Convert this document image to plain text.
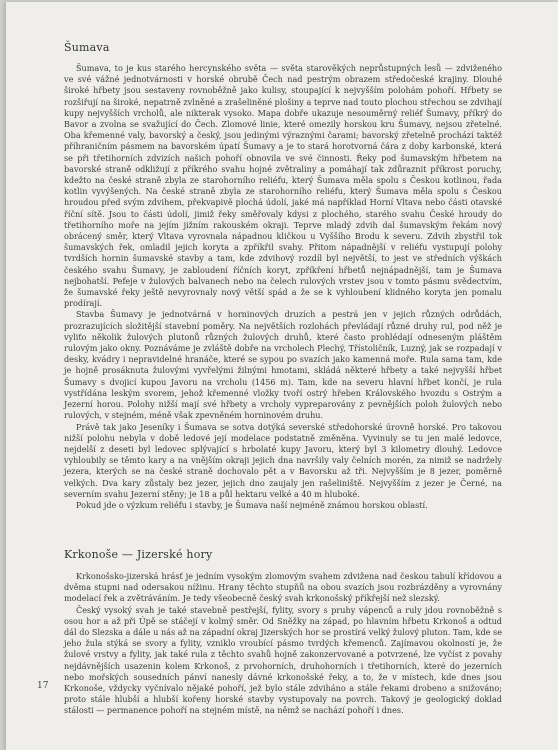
Šumava

Šumava, to je kus starého hercynského světa — světa starověkých neprůstupných lesů — zdviženého ve své vážné jednotvárnosti v horské obrubě Čech nad pestrým obrazem středočeské krajiny. Dlouhé široké hřbety jsou sestaveny rovnoběžně jako kulisy, stoupající k nejvyšším polohám pohoří. Hřbety se rozšiřují na široké, nepatrně zvlněné a zrašeliněné plošiny a teprve nad touto plochou střechou se zdvihají kupy nejvyšších vrcholů, ale nikterak vysoko. Mapa dobře ukazuje nesouměrný reliéf Šumavy, příkrý do Bavor a zvolna se svažující do Čech. Zlomové linie, které omezily horskou kru Šumavy, nejsou zřetelné. Oba křemenné valy, bavorský a český, jsou jedinými výraznými čarami; bavorský zřetelně prochází taktéž příhraničním pásmem na bavorském úpatí Šumavy a je to stará horotvorná čára z doby karbonské, která se při třetihorních zdvizích našich pohoří obnovila ve své činnosti. Řeky pod šumavským hřbetem na bavorské straně odkližují z příkrého svahu hojné zvětraliny a pomáhají tak zdůraznit příkrost poruchy, kdežto na české straně zbyla ze starohorního reliéfu, který Šumava měla spolu s Českou kotlinou, řada kotlin vyvýšených. Na české straně zbyla ze starohorního reliéfu, který Šumava měla spolu s Českou hroudou před svým zdvihem, překvapivě plochá údolí, jaké má například Horní Vltava nebo části otavské říční sítě. Jsou to části údolí, jimiž řeky směřovaly kdysi z plochého, starého svahu České hroudy do třetihorního moře na jejím jižním rakouském okraji. Teprve mladý zdvih dal šumavským řekám nový obrácený směr, který Vltava vyrovnala nápadnou kličkou u Vyššího Brodu k severu. Zdvih zbystřil tok šumavských řek, omladil jejich koryta a zpříkřil svahy. Přitom nápadnější v reliéfu vystupují polohy tvrdších hornin šumavské stavby a tam, kde zdvihový rozdíl byl největší, to jest ve středních výškách českého svahu Šumavy, je zabloudení říčních koryt, zpříkření hřbetů nejnápadnější, tam je Šumava nejbohatší. Pefeje v žulových balvanech nebo na čelech rulových vrstev jsou v tomto pásmu svědectvím, že šumavské řeky ještě nevyrovnaly nový větší spád a že se k vyhloubení klidného koryta jen pomalu prodírají.

Stavba Šumavy je jednotvárná v horninových druzích a pestrá jen v jejich různých odrůdách, prozrazujících složitější stavební poměry. Na největších rozlohách převládají různé druhy rul, pod něž je vyliťo několik žulových plutonů různých žulových druhů, které často prohlédají odneseným pláštěm rulovým jako okny. Poznáváme je zvláště dobře na vrcholech Plechý, Třístoličník, Luzný, jak se rozpadají v desky, kvádry i nepravidelné hranáče, které se sypou po svazích jako kamenná moře. Rula sama tam, kde je hojně prosáknuta žulovými vyvřelými žilnými hmotami, skládá některé hřbety a také nejvyšší hřbet Šumavy s dvojicí kupou Javoru na vrcholu (1456 m). Tam, kde na severu hlavní hřbet končí, je rula vystřídána leským svorem, jehož křemenné vložky tvoří ostrý hřeben Královského hvozdu s Ostrým a Jezerní horou. Polohy nižší mají své hřbety a vrcholy vypreparovány z pevnějších poloh žulových nebo rulových, v stejném, méně však zpevněném horninovém druhu.

Právě tak jako Jeseníky i Šumava se sotva dotýká severské středohorské úrovně horské. Pro takovou nižší polohu nebyla v době ledové její modelace podstatně změněna. Vyvinuly se tu jen malé ledovce, nejdelší z deseti byl ledovec splývající s hrbolaté kupy Javoru, který byl 3 kilometry dlouhý. Ledovce vyhloubily se těmto kary a na vnějším okraji jejich dna navršily valy čelních morén, za nimiž se nadržely jezera, kterých se na české straně dochovalo pět a v Bavorsku až tři. Nejvyšším je 8 jezer, poměrně velkých. Dva kary zůstaly bez jezer, jejich dno zaujaly jen rašeliniště. Nejvyšším z jezer je Černé, na severním svahu Jezerní stěny; je 18 a půl hektaru velké a 40 m hluboké.

Pokud jde o výzkum reliéfu i stavby, je Šumava naší nejméně známou horskou oblastí.

Krkonoše — Jizerské hory

Krkonošsko-jizerská hrásť je jedním vysokým zlomovým svahem zdvižena nad českou tabulí křídovou a dvěma stupni nad odersakou nížinu. Hrany těchto stupňů na obou svazích jsou rozbrázděny a vyrovnány modelací řek a zvětráváním. Je tedy všeobecně český svah krkonošský příkřejší než slezský.

Český vysoký svah je také stavebně pestřejší, fylity, svory s pruhy vápenců a ruly jdou rovnoběžně s osou hor a až při Úpě se stáčejí v kolmý směr. Od Sněžky na západ, po hlavním hřbetu Krkonoš a odtud dál do Slezska a dále u nás až na západní okraj Jizerských hor se prostírá velký žulový pluton. Tam, kde se jeho žula stýká se svory a fylity, vzniklo vroubící pásmo tvrdých křemenců. Zajímavou okolností je, že žulové vrstvy a fylity, jak také rula z těchto svahů hojně zakonzervované a potvrzené, lze vyčíst z povahy nejdávnějších usazenin kolem Krkonoš, z prvohorních, druhohorních i třetihorních, které do jezerních nebo mořských sousedních pánví nanesly dávné krkonošské řeky, a to, že v místech, kde dnes jsou Krkonoše, vždycky vyčnívalo nějaké pohoří, jež bylo stále zdviháno a stále řekami drobeno a snižováno; proto stále hlubší a hlubší kořeny horské stavby vystupovaly na povrch. Takový je geologický doklad stálosti — permanence pohoří na stejném místě, na němž se nachází pohoří i dnes.

17
